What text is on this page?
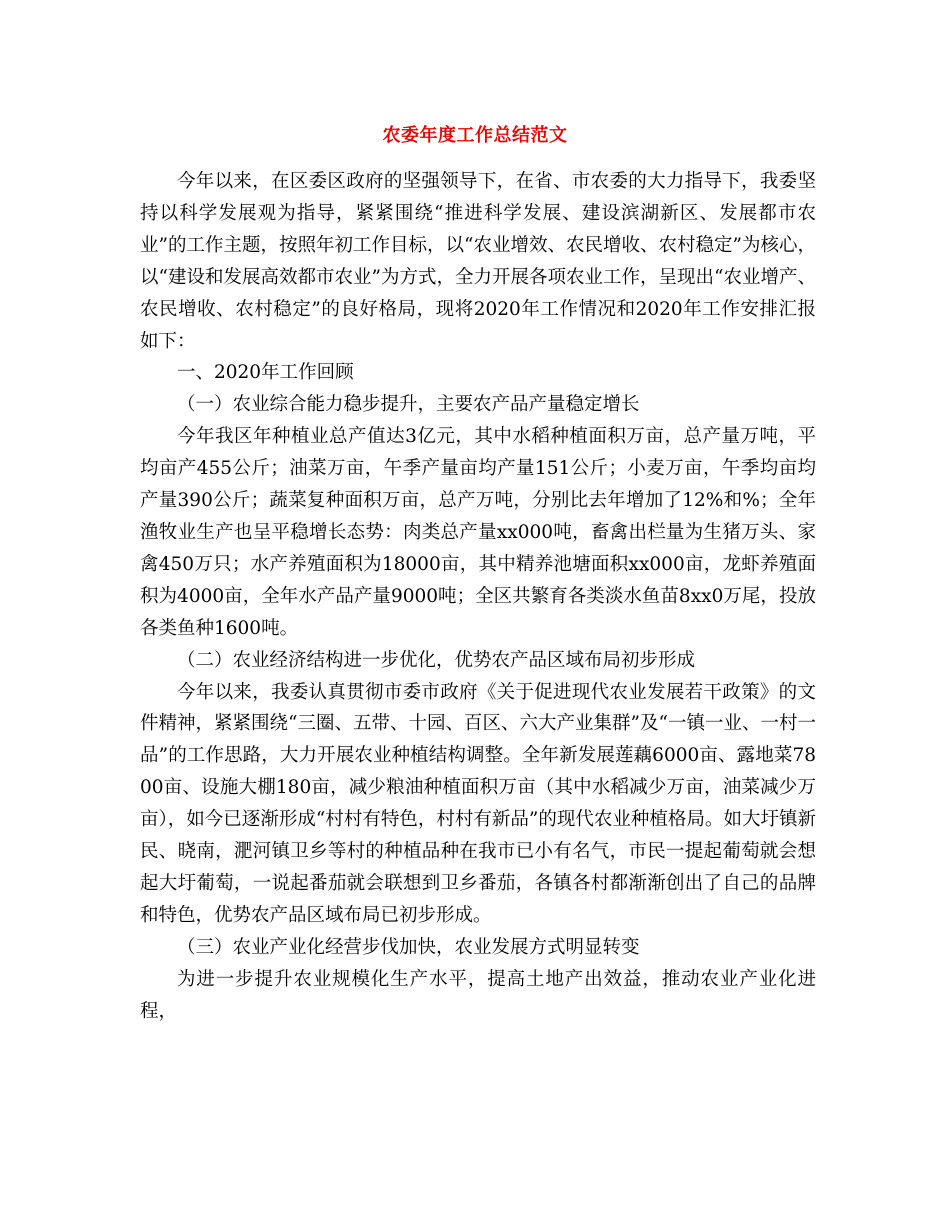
农委年度工作总结范文

今年以来，在区委区政府的坚强领导下，在省、市农委的大力指导下，我委坚持以科学发展观为指导，紧紧围绕“推进科学发展、建设滨湖新区、发展都市农业”的工作主题，按照年初工作目标，以“农业增效、农民增收、农村稳定”为核心，以“建设和发展高效都市农业”为方式，全力开展各项农业工作，呈现出“农业增产、农民增收、农村稳定”的良好格局，现将2020年工作情况和2020年工作安排汇报如下：

一、2020年工作回顾

（一）农业综合能力稳步提升，主要农产品产量稳定增长

今年我区年种植业总产值达3亿元，其中水稻种植面积万亩，总产量万吨，平均亩产455公斤；油菜万亩，午季产量亩均产量151公斤；小麦万亩，午季均亩均产量390公斤；蔬菜复种面积万亩，总产万吨，分别比去年增加了12%和%；全年渔牧业生产也呈平稳增长态势：肉类总产量xx000吨，畜禽出栏量为生猪万头、家禽450万只；水产养殖面积为18000亩，其中精养池塘面积xx000亩，龙虾养殖面积为4000亩，全年水产品产量9000吨；全区共繁育各类淡水鱼苗8xx0万尾，投放各类鱼种1600吨。

（二）农业经济结构进一步优化，优势农产品区域布局初步形成

今年以来，我委认真贯彻市委市政府《关于促进现代农业发展若干政策》的文件精神，紧紧围绕“三圈、五带、十园、百区、六大产业集群”及“一镇一业、一村一品”的工作思路，大力开展农业种植结构调整。全年新发展莲藕6000亩、露地菜7800亩、设施大棚180亩，减少粮油种植面积万亩（其中水稻减少万亩，油菜减少万亩），如今已逐渐形成“村村有特色，村村有新品”的现代农业种植格局。如大圩镇新民、晓南，淝河镇卫乡等村的种植品种在我市已小有名气，市民一提起葡萄就会想起大圩葡萄，一说起番茄就会联想到卫乡番茄，各镇各村都渐渐创出了自己的品牌和特色，优势农产品区域布局已初步形成。

（三）农业产业化经营步伐加快，农业发展方式明显转变

为进一步提升农业规模化生产水平，提高土地产出效益，推动农业产业化进程，
